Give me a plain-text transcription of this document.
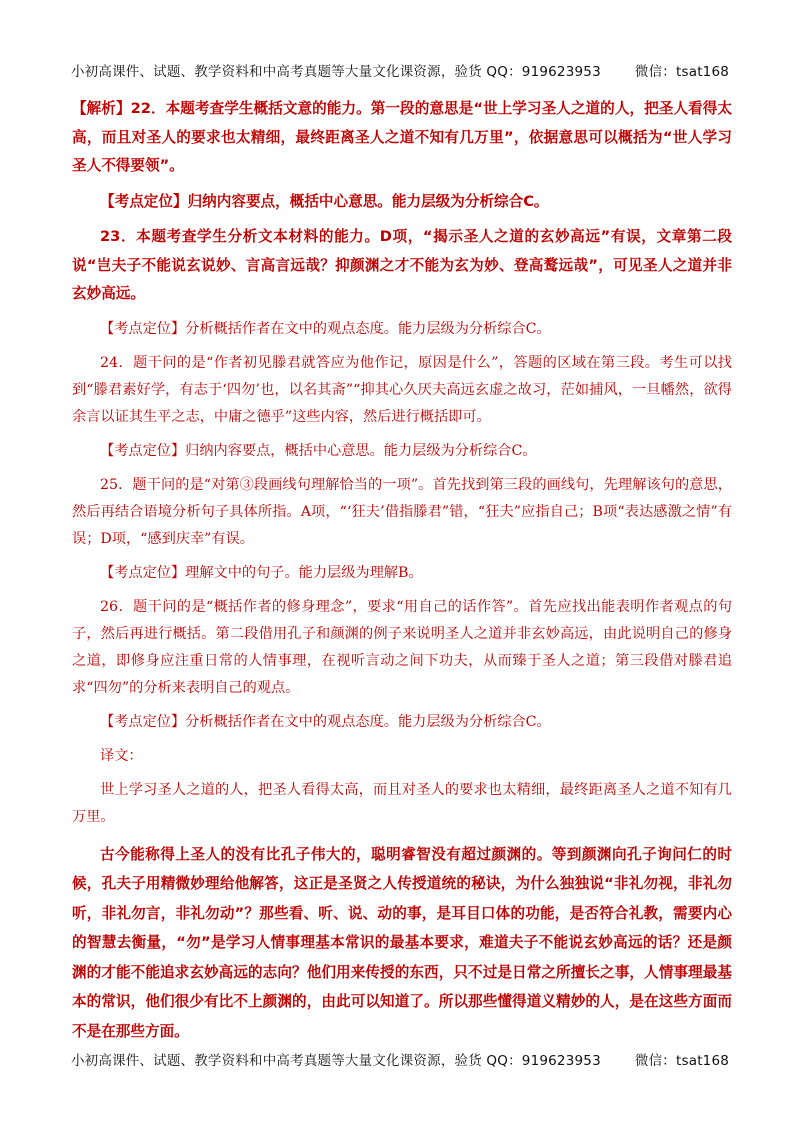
小初高课件、试题、教学资料和中高考真题等大量文化课资源，验货 QQ：919623953	微信：tsat168

【解析】22．本题考查学生概括文意的能力。第一段的意思是“世上学习圣人之道的人，把圣人看得太高，而且对圣人的要求也太精细，最终距离圣人之道不知有几万里”，依据意思可以概括为“世人学习圣人不得要领”。

【考点定位】归纳内容要点，概括中心意思。能力层级为分析综合C。

23．本题考查学生分析文本材料的能力。D项，“揭示圣人之道的玄妙高远”有误，文章第二段说“岂夫子不能说玄说妙、言高言远哉？抑颜渊之才不能为玄为妙、登高鹜远哉”，可见圣人之道并非玄妙高远。

【考点定位】分析概括作者在文中的观点态度。能力层级为分析综合C。

24．题干问的是“作者初见滕君就答应为他作记，原因是什么”，答题的区域在第三段。考生可以找到“滕君素好学，有志于‘四勿’也，以名其斋”“抑其心久厌夫高远玄虚之故习，茫如捕风，一旦幡然，欲得余言以证其生平之志，中庸之德乎”这些内容，然后进行概括即可。

【考点定位】归纳内容要点，概括中心意思。能力层级为分析综合C。

25．题干问的是“对第③段画线句理解恰当的一项”。首先找到第三段的画线句，先理解该句的意思，然后再结合语境分析句子具体所指。A项，“‘狂夫’借指滕君”错，“狂夫”应指自己；B项“表达感激之情”有误；D项，“感到庆幸”有误。

【考点定位】理解文中的句子。能力层级为理解B。

26．题干问的是“概括作者的修身理念”，要求“用自己的话作答”。首先应找出能表明作者观点的句子，然后再进行概括。第二段借用孔子和颜渊的例子来说明圣人之道并非玄妙高远，由此说明自己的修身之道，即修身应注重日常的人情事理，在视听言动之间下功夫，从而臻于圣人之道；第三段借对滕君追求“四勿”的分析来表明自己的观点。

【考点定位】分析概括作者在文中的观点态度。能力层级为分析综合C。

译文：

世上学习圣人之道的人，把圣人看得太高，而且对圣人的要求也太精细，最终距离圣人之道不知有几万里。

古今能称得上圣人的没有比孔子伟大的，聪明睿智没有超过颜渊的。等到颜渊向孔子询问仁的时候，孔夫子用精微妙理给他解答，这正是圣贤之人传授道统的秘诀，为什么独独说“非礼勿视，非礼勿听，非礼勿言，非礼勿动”？那些看、听、说、动的事，是耳目口体的功能，是否符合礼教，需要内心的智慧去衡量，“勿”是学习人情事理基本常识的最基本要求，难道夫子不能说玄妙高远的话？还是颜渊的才能不能追求玄妙高远的志向？他们用来传授的东西，只不过是日常之所擅长之事，人情事理最基本的常识，他们很少有比不上颜渊的，由此可以知道了。所以那些懂得道义精妙的人，是在这些方面而不是在那些方面。

小初高课件、试题、教学资料和中高考真题等大量文化课资源，验货 QQ：919623953	微信：tsat168
